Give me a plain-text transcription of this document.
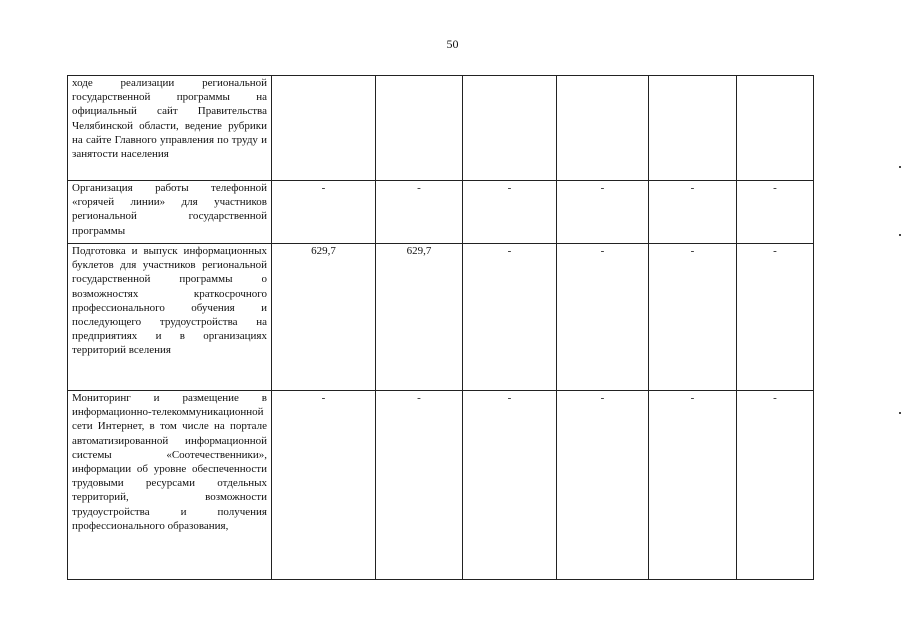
50
ходе реализации региональной государственной программы на официальный сайт Правительства Челябинской области, ведение рубрики на сайте Главного управления по труду и занятости населения						

Организация работы телефонной «горячей линии» для участников региональной государственной программы	-	-	-	-	-	-

Подготовка и выпуск информационных буклетов для участников региональной государственной программы о возможностях краткосрочного профессионального обучения и последующего трудоустройства на предприятиях и в организациях территорий вселения	629,7	629,7	-	-	-	-

Мониторинг и размещение в информационно-телекоммуникационной сети Интернет, в том числе на портале автоматизированной информационной системы «Соотечественники», информации об уровне обеспеченности трудовыми ресурсами отдельных территорий, возможности трудоустройства и получения профессионального образования,	-	-	-	-	-	-
